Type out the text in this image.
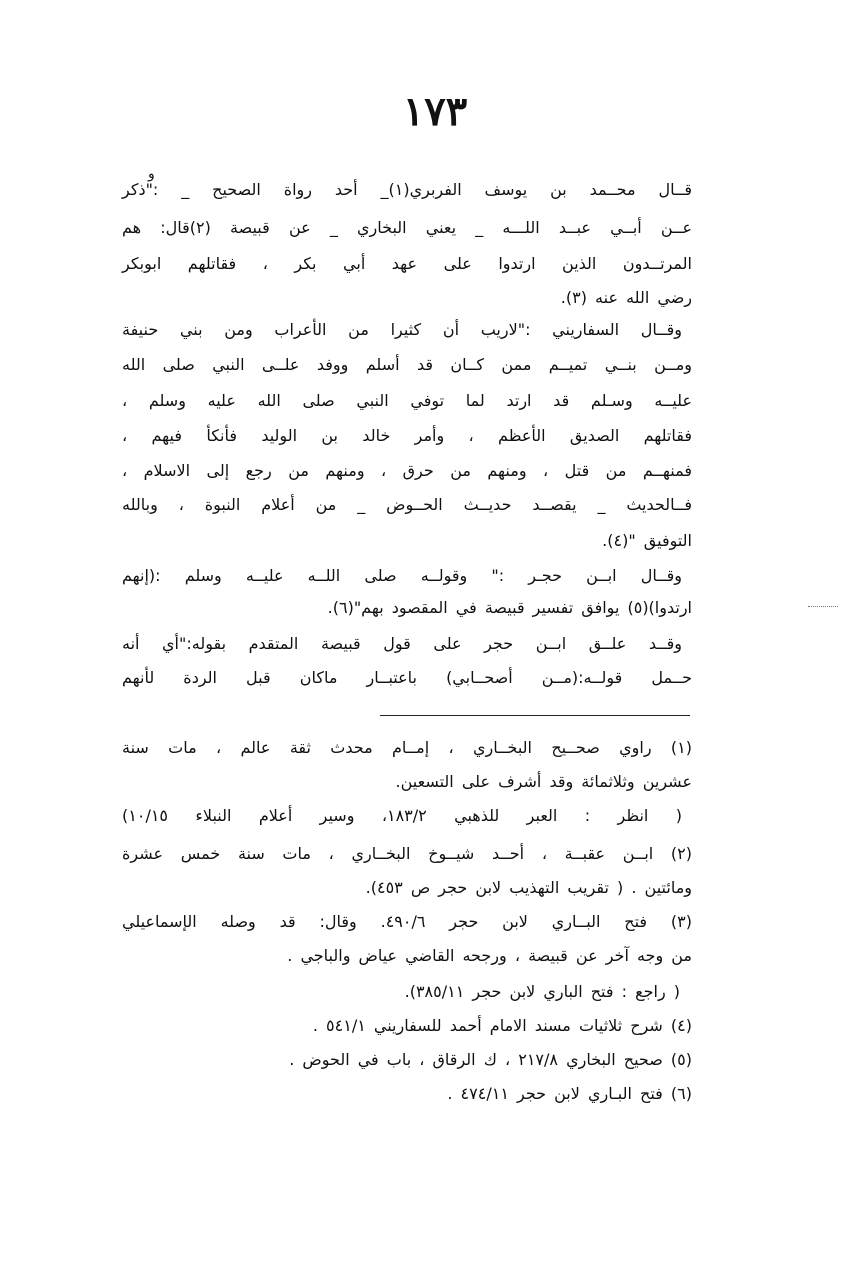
١٧٣
و
قــال محــمد بن يوسف الفربري(١)_ أحد رواة الصحيح _ :"ذكر
عــن أبــي عبــد اللـــه _ يعني البخاري _ عن قبيصة (٢)قال: هم
المرتــدون الذين ارتدوا على عهد أبي بكر ، فقاتلهم ابوبكر
رضي الله عنه (٣).
وقــال السفاريني :"لاريب أن كثيرا من الأعراب ومن بني حنيفة
ومــن بنــي تميــم ممن كــان قد أسلم ووفد علــى النبي صلى الله
عليــه وسـلم قد ارتد لما توفي النبي صلى الله عليه وسلم ،
فقاتلهم الصديق الأعظم ، وأمر خالد بن الوليد فأنكأ فيهم ،
فمنهــم من قتل ، ومنهم من حرق ، ومنهم من رجع إلى الاسلام ،
فــالحديث _ يقصــد حديــث الحــوض _ من أعلام النبوة ، وبالله
التوفيق "(٤).
وقــال ابــن حجـر :" وقولــه صلى اللــه عليــه وسلم :(إنهم
ارتدوا)(٥) يوافق تفسير قبيصة في المقصود بهم"(٦).
وقــد علــق ابــن حجر على قول قبيصة المتقدم بقوله:"أي أنه
حــمل قولــه:(مــن أصحــابي) باعتبــار ماكان قبل الردة لأنهم
(١) راوي صحــيح البخــاري ، إمــام محدث ثقة عالم ، مات سنة
عشرين وثلاثمائة وقد أشرف على التسعين.
( انظر : العبر للذهبي ١٨٣/٢، وسير أعلام النبلاء ١٠/١٥)
(٢) ابــن عقبــة ، أحــد شيــوخ البخــاري ، مات سنة خمس عشرة
ومائتين . ( تقريب التهذيب لابن حجر ص ٤٥٣).
(٣) فتح البــاري لابن حجر ٤٩٠/٦. وقال: قد وصله الإسماعيلي
من وجه آخر عن قبيصة ، ورجحه القاضي عياض والباجي .
( راجع : فتح الباري لابن حجر ٣٨٥/١١).
(٤) شرح ثلاثيات مسند الامام أحمد للسفاريني ٥٤١/١ .
(٥) صحيح البخاري ٢١٧/٨ ، ك الرقاق ، باب في الحوض .
(٦) فتح البـاري لابن حجر ٤٧٤/١١ .
